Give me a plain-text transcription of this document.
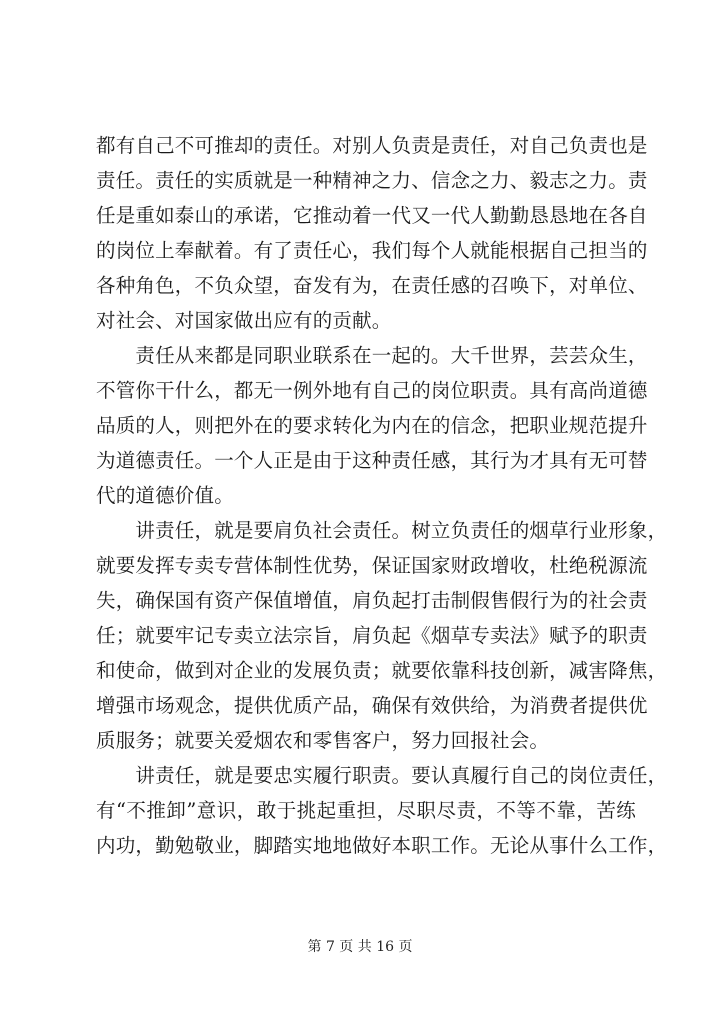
都有自己不可推却的责任。对别人负责是责任，对自己负责也是
责任。责任的实质就是一种精神之力、信念之力、毅志之力。责
任是重如泰山的承诺，它推动着一代又一代人勤勤恳恳地在各自
的岗位上奉献着。有了责任心，我们每个人就能根据自己担当的
各种角色，不负众望，奋发有为，在责任感的召唤下，对单位、
对社会、对国家做出应有的贡献。
　　责任从来都是同职业联系在一起的。大千世界，芸芸众生，
不管你干什么，都无一例外地有自己的岗位职责。具有高尚道德
品质的人，则把外在的要求转化为内在的信念，把职业规范提升
为道德责任。一个人正是由于这种责任感，其行为才具有无可替
代的道德价值。
　　讲责任，就是要肩负社会责任。树立负责任的烟草行业形象，
就要发挥专卖专营体制性优势，保证国家财政增收，杜绝税源流
失，确保国有资产保值增值，肩负起打击制假售假行为的社会责
任；就要牢记专卖立法宗旨，肩负起《烟草专卖法》赋予的职责
和使命，做到对企业的发展负责；就要依靠科技创新，减害降焦，
增强市场观念，提供优质产品，确保有效供给，为消费者提供优
质服务；就要关爱烟农和零售客户，努力回报社会。
　　讲责任，就是要忠实履行职责。要认真履行自己的岗位责任，
有“不推卸”意识，敢于挑起重担，尽职尽责，不等不靠，苦练
内功，勤勉敬业，脚踏实地地做好本职工作。无论从事什么工作，
第 7 页 共 16 页
